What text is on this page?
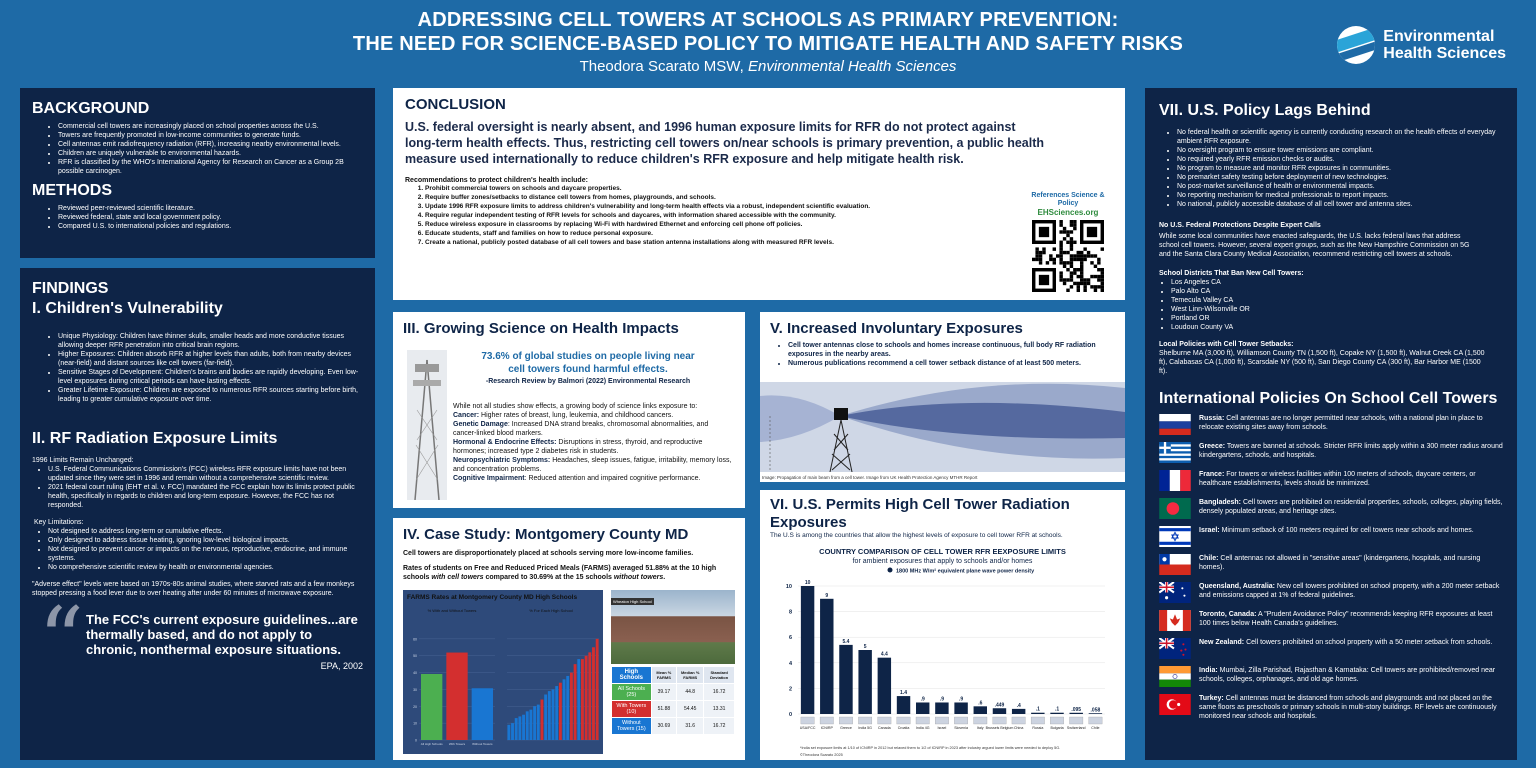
ADDRESSING CELL TOWERS AT SCHOOLS AS PRIMARY PREVENTION:
THE NEED FOR SCIENCE-BASED POLICY TO MITIGATE HEALTH AND SAFETY RISKS
Theodora Scarato MSW, Environmental Health Sciences
Environmental
Health Sciences
BACKGROUND
• Commercial cell towers are increasingly placed on school properties across the U.S.
• Towers are frequently promoted in low-income communities to generate funds.
• Cell antennas emit radiofrequency radiation (RFR), increasing nearby environmental levels.
• Children are uniquely vulnerable to environmental hazards.
• RFR is classified by the WHO's International Agency for Research on Cancer as a Group 2B possible carcinogen.
METHODS
• Reviewed peer-reviewed scientific literature.
• Reviewed federal, state and local government policy.
• Compared U.S. to international policies and regulations.
FINDINGS
I. Children's Vulnerability
• Unique Physiology: Children have thinner skulls, smaller heads and more conductive tissues allowing deeper RFR penetration into critical brain regions.
• Higher Exposures: Children absorb RFR at higher levels than adults, both from nearby devices (near-field) and distant sources like cell towers (far-field).
• Sensitive Stages of Development: Children's brains and bodies are rapidly developing. Even low-level exposures during critical periods can have lasting effects.
• Greater Lifetime Exposure: Children are exposed to numerous RFR sources starting before birth, leading to greater cumulative exposure over time.
II. RF Radiation Exposure Limits
1996 Limits Remain Unchanged:
• U.S. Federal Communications Commission's (FCC) wireless RFR exposure limits have not been updated since they were set in 1996 and remain without a comprehensive scientific review.
• 2021 federal court ruling (EHT et al. v. FCC) mandated the FCC explain how its limits protect public health, specifically in regards to children and long-term exposure. However, the FCC has not responded.
Key Limitations:
• Not designed to address long-term or cumulative effects.
• Only designed to address tissue heating, ignoring low-level biological impacts.
• Not designed to prevent cancer or impacts on the nervous, reproductive, endocrine, and immune systems.
• No comprehensive scientific review by health or environmental agencies.
"Adverse effect" levels were based on 1970s-80s animal studies, where starved rats and a few monkeys stopped pressing a food lever due to over heating after under 60 minutes of microwave exposure.
“ The FCC's current exposure guidelines...are thermally based, and do not apply to chronic, nonthermal exposure situations.
EPA, 2002
CONCLUSION
U.S. federal oversight is nearly absent, and 1996 human exposure limits for RFR do not protect against long-term health effects. Thus, restricting cell towers on/near schools is primary prevention, a public health measure used internationally to reduce children's RFR exposure and help mitigate health risk.
Recommendations to protect children's health include:
1. Prohibit commercial towers on schools and daycare properties.
2. Require buffer zones/setbacks to distance cell towers from homes, playgrounds, and schools.
3. Update 1996 RFR exposure limits to address children's vulnerability and long-term health effects via a robust, independent scientific evaluation.
4. Require regular independent testing of RFR levels for schools and daycares, with information shared accessible with the community.
5. Reduce wireless exposure in classrooms by replacing Wi-Fi with hardwired Ethernet and enforcing cell phone off policies.
6. Educate students, staff and families on how to reduce personal exposure.
7. Create a national, publicly posted database of all cell towers and base station antenna installations along with measured RFR levels.
References Science & Policy
EHSciences.org
III. Growing Science on Health Impacts
73.6% of global studies on people living near cell towers found harmful effects.
-Research Review by Balmori (2022) Environmental Research
While not all studies show effects, a growing body of science links exposure to:
Cancer: Higher rates of breast, lung, leukemia, and childhood cancers.
Genetic Damage: Increased DNA strand breaks, chromosomal abnormalities, and cancer-linked blood markers.
Hormonal & Endocrine Effects: Disruptions in stress, thyroid, and reproductive hormones; increased type 2 diabetes risk in students.
Neuropsychiatric Symptoms: Headaches, sleep issues, fatigue, irritability, memory loss, and concentration problems.
Cognitive Impairment: Reduced attention and impaired cognitive performance.
V. Increased Involuntary Exposures
• Cell tower antennas close to schools and homes increase continuous, full body RF radiation exposures in the nearby areas.
• Numerous publications recommend a cell tower setback distance of at least 500 meters.
Image: Propagation of main beam from a cell tower. Image from UK Health Protection Agency MTHR Report
IV. Case Study: Montgomery County MD
Cell towers are disproportionately placed at schools serving more low-income families.
Rates of students on Free and Reduced Priced Meals (FARMS) averaged 51.88% at the 10 high schools with cell towers compared to 30.69% at the 15 schools without towers.
FARMS Rates at Montgomery County MD High Schools
% With and Without Towers	% For Each High School
0
10
20
30
40
50
60
All High Schools With Towers Without Towers
Wheaton High School
High Schools	Mean % FARMS	Median % FARMS	Standard Deviation
All Schools (25)	39.17	44.8	16.72
With Towers (10)	51.88	54.45	13.31
Without Towers (15)	30.69	31.6	16.72
VI. U.S. Permits High Cell Tower Radiation Exposures
The U.S is among the countries that allow the highest levels of exposure to cell tower RFR at schools.
COUNTRY COMPARISON OF CELL TOWER RFR EEXPOSURE LIMITS
for ambient exposures that apply to schools and/or homes
1800 MHz W/m² equivalent plane wave power density
0
2
4
6
8
10
10
USA/FCC
9
ICNIRP
5.4
Greece
5
India 5G
4.4
Canada
1.4
Croatia
.9
India 4G
.9
Israel
.9
Slovenia
.6
Italy
.449
Brussels Belgium
.4
China
.1
Russia
.1
Bulgaria
.095
Switzerland
.058
Chile
*India set exposure limits at 1/10 of ICNIRP in 2012 but relaxed them to 1/2 of ICNIRP in 2023 after industry argued lower limits were needed to deploy 5G.
©Theodora Scarato 2025
VII. U.S. Policy Lags Behind
• No federal health or scientific agency is currently conducting research on the health effects of everyday ambient RFR exposure.
• No oversight program to ensure tower emissions are compliant.
• No required yearly RFR emission checks or audits.
• No program to measure and monitor RFR exposures in communities.
• No premarket safety testing before deployment of new technologies.
• No post-market surveillance of health or environmental impacts.
• No reporting mechanism for medical professionals to report impacts.
• No national, publicly accessible database of all cell tower and antenna sites.
No U.S. Federal Protections Despite Expert Calls
While some local communities have enacted safeguards, the U.S. lacks federal laws that address school cell towers. However, several expert groups, such as the New Hampshire Commission on 5G and the Santa Clara County Medical Association, recommend restricting cell towers at schools.
School Districts That Ban New Cell Towers:
• Los Angeles CA
• Palo Alto CA
• Temecula Valley CA
• West Linn-Wilsonville OR
• Portland OR
• Loudoun County VA
Local Policies with Cell Tower Setbacks:
Shelburne MA (3,000 ft), Williamson County TN (1,500 ft), Copake NY (1,500 ft), Walnut Creek CA (1,500 ft), Calabasas CA (1,000 ft), Scarsdale NY (500 ft), San Diego County CA (300 ft), Bar Harbor ME (1500 ft).
International Policies On School Cell Towers
Russia: Cell antennas are no longer permitted near schools, with a national plan in place to relocate existing sites away from schools.
Greece: Towers are banned at schools. Stricter RFR limits apply within a 300 meter radius around kindergartens, schools, and hospitals.
France: For towers or wireless facilities within 100 meters of schools, daycare centers, or healthcare establishments, levels should be minimized.
Bangladesh: Cell towers are prohibited on residential properties, schools, colleges, playing fields, densely populated areas, and heritage sites.
Israel: Minimum setback of 100 meters required for cell towers near schools and homes.
Chile: Cell antennas not allowed in "sensitive areas" (kindergartens, hospitals, and nursing homes).
Queensland, Australia: New cell towers prohibited on school property, with a 200 meter setback and emissions capped at 1% of federal guidelines.
Toronto, Canada: A "Prudent Avoidance Policy" recommends keeping RFR exposures at least 100 times below Health Canada's guidelines.
New Zealand: Cell towers prohibited on school property with a 50 meter setback from schools.
India: Mumbai, Zilla Parishad, Rajasthan & Karnataka: Cell towers are prohibited/removed near schools, colleges, orphanages, and old age homes.
Turkey: Cell antennas must be distanced from schools and playgrounds and not placed on the same floors as preschools or primary schools in multi-story buildings. RF levels are continuously monitored near schools and hospitals.
